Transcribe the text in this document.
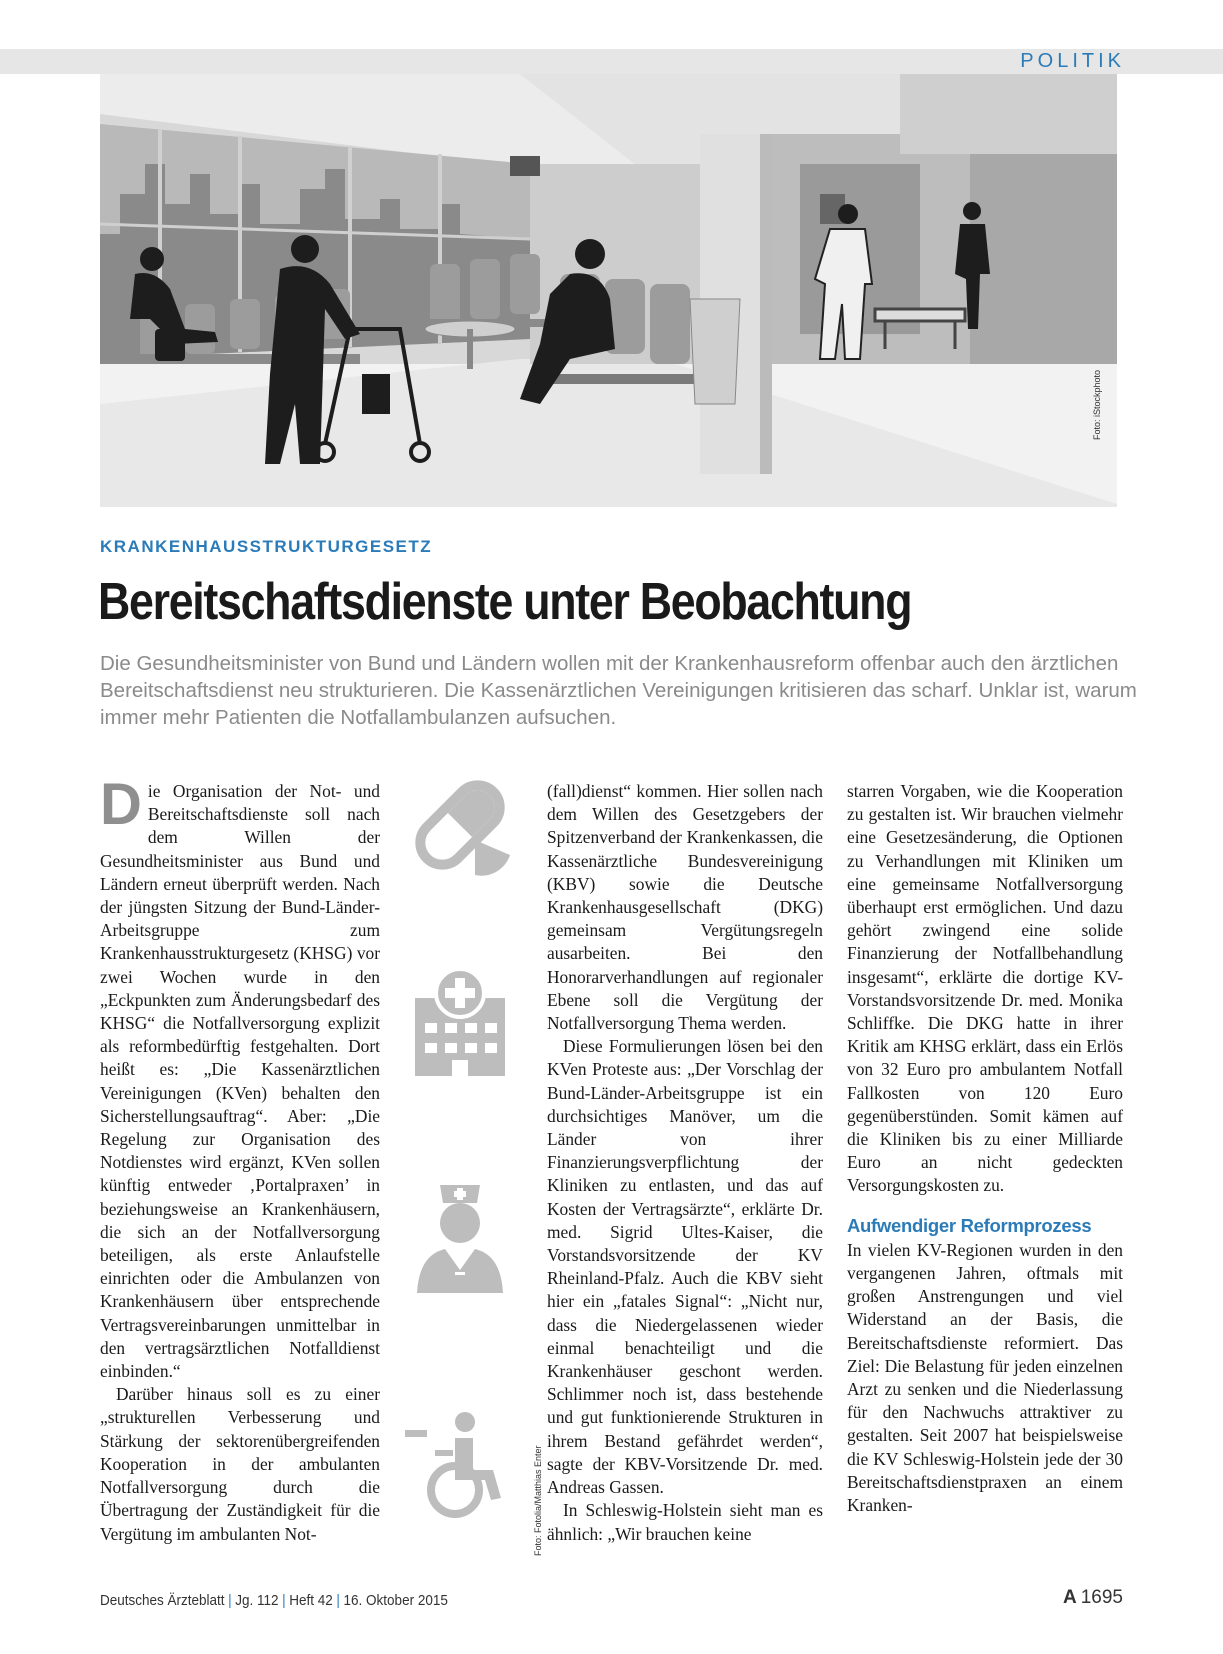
POLITIK
Foto: iStockphoto
KRANKENHAUSSTRUKTURGESETZ
Bereitschaftsdienste unter Beobachtung
Die Gesundheitsminister von Bund und Ländern wollen mit der Krankenhausreform offenbar auch den ärztlichen Bereitschaftsdienst neu strukturieren. Die Kassenärztlichen Vereinigungen kritisieren das scharf. Unklar ist, warum immer mehr Patienten die Notfallambulanzen aufsuchen.

Die Organisation der Not- und Bereitschaftsdienste soll nach dem Willen der Gesundheitsminister aus Bund und Ländern erneut überprüft werden. Nach der jüngsten Sitzung der Bund-Länder-Arbeitsgruppe zum Krankenhausstrukturgesetz (KHSG) vor zwei Wochen wurde in den „Eckpunkten zum Änderungsbedarf des KHSG“ die Notfallversorgung explizit als reformbedürftig festgehalten. Dort heißt es: „Die Kassenärztlichen Vereinigungen (KVen) behalten den Sicherstellungsauftrag“. Aber: „Die Regelung zur Organisation des Notdienstes wird ergänzt, KVen sollen künftig entweder ‚Portalpraxen’ in beziehungsweise an Krankenhäusern, die sich an der Notfallversorgung beteiligen, als erste Anlaufstelle einrichten oder die Ambulanzen von Krankenhäusern über entsprechende Vertragsvereinbarungen unmittelbar in den vertragsärztlichen Notfalldienst einbinden.“

Darüber hinaus soll es zu einer „strukturellen Verbesserung und Stärkung der sektorenübergreifenden Kooperation in der ambulanten Notfallversorgung durch die Übertragung der Zuständigkeit für die Vergütung im ambulanten Not-	Foto: Fotolia/Matthias Enter

(fall)dienst“ kommen. Hier sollen nach dem Willen des Gesetzgebers der Spitzenverband der Krankenkassen, die Kassenärztliche Bundesvereinigung (KBV) sowie die Deutsche Krankenhausgesellschaft (DKG) gemeinsam Vergütungsregeln ausarbeiten. Bei den Honorarverhandlungen auf regionaler Ebene soll die Vergütung der Notfallversorgung Thema werden.

Diese Formulierungen lösen bei den KVen Proteste aus: „Der Vorschlag der Bund-Länder-Arbeitsgruppe ist ein durchsichtiges Manöver, um die Länder von ihrer Finanzierungsverpflichtung der Kliniken zu entlasten, und das auf Kosten der Vertragsärzte“, erklärte Dr. med. Sigrid Ultes-Kaiser, die Vorstandsvorsitzende der KV Rheinland-Pfalz. Auch die KBV sieht hier ein „fatales Signal“: „Nicht nur, dass die Niedergelassenen wieder einmal benachteiligt und die Krankenhäuser geschont werden. Schlimmer noch ist, dass bestehende und gut funktionierende Strukturen in ihrem Bestand gefährdet werden“, sagte der KBV-Vorsitzende Dr. med. Andreas Gassen.

In Schleswig-Holstein sieht man es ähnlich: „Wir brauchen keine

starren Vorgaben, wie die Kooperation zu gestalten ist. Wir brauchen vielmehr eine Gesetzesänderung, die Optionen zu Verhandlungen mit Kliniken um eine gemeinsame Notfallversorgung überhaupt erst ermöglichen. Und dazu gehört zwingend eine solide Finanzierung der Notfallbehandlung insgesamt“, erklärte die dortige KV-Vorstandsvorsitzende Dr. med. Monika Schliffke. Die DKG hatte in ihrer Kritik am KHSG erklärt, dass ein Erlös von 32 Euro pro ambulantem Notfall Fallkosten von 120 Euro gegenüberstünden. Somit kämen auf die Kliniken bis zu einer Milliarde Euro an nicht gedeckten Versorgungskosten zu.

Aufwendiger Reformprozess

In vielen KV-Regionen wurden in den vergangenen Jahren, oftmals mit großen Anstrengungen und viel Widerstand an der Basis, die Bereitschaftsdienste reformiert. Das Ziel: Die Belastung für jeden einzelnen Arzt zu senken und die Niederlassung für den Nachwuchs attraktiver zu gestalten. Seit 2007 hat beispielsweise die KV Schleswig-Holstein jede der 30 Bereitschaftsdienstpraxen an einem Kranken-

Deutsches Ärzteblatt | Jg. 112 | Heft 42 | 16. Oktober 2015	A 1695
